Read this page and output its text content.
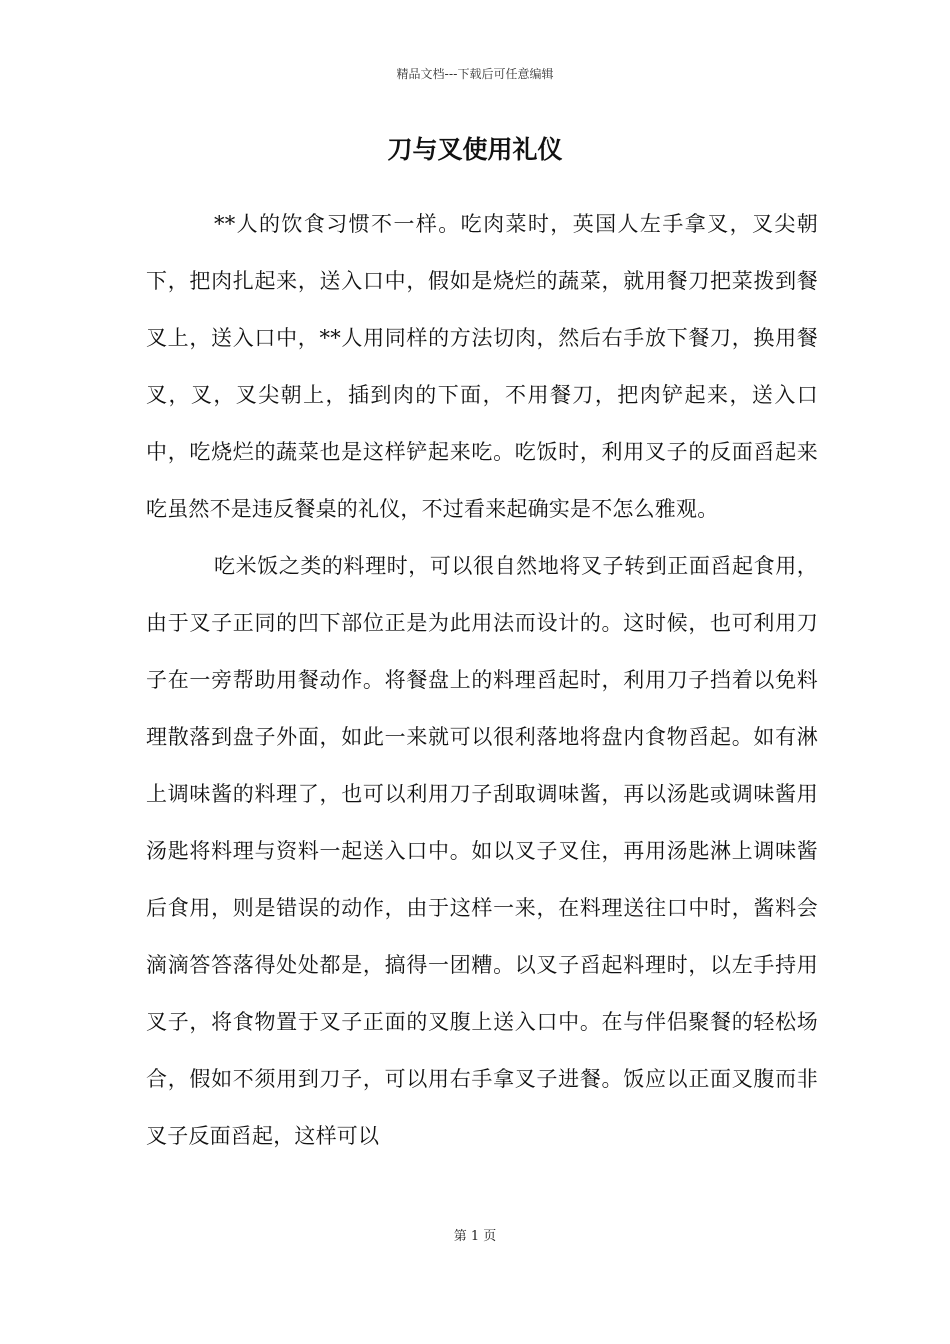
精品文档---下载后可任意编辑
刀与叉使用礼仪

**人的饮食习惯不一样。吃肉菜时，英国人左手拿叉，叉尖朝下，把肉扎起来，送入口中，假如是烧烂的蔬菜，就用餐刀把菜拨到餐叉上，送入口中，**人用同样的方法切肉，然后右手放下餐刀，换用餐叉，叉，叉尖朝上，插到肉的下面，不用餐刀，把肉铲起来，送入口中，吃烧烂的蔬菜也是这样铲起来吃。吃饭时，利用叉子的反面舀起来吃虽然不是违反餐桌的礼仪，不过看来起确实是不怎么雅观。

吃米饭之类的料理时，可以很自然地将叉子转到正面舀起食用，由于叉子正同的凹下部位正是为此用法而设计的。这时候，也可利用刀子在一旁帮助用餐动作。将餐盘上的料理舀起时，利用刀子挡着以免料理散落到盘子外面，如此一来就可以很利落地将盘内食物舀起。如有淋上调味酱的料理了，也可以利用刀子刮取调味酱，再以汤匙或调味酱用汤匙将料理与资料一起送入口中。如以叉子叉住，再用汤匙淋上调味酱后食用，则是错误的动作，由于这样一来，在料理送往口中时，酱料会滴滴答答落得处处都是，搞得一团糟。以叉子舀起料理时，以左手持用叉子，将食物置于叉子正面的叉腹上送入口中。在与伴侣聚餐的轻松场合，假如不须用到刀子，可以用右手拿叉子进餐。饭应以正面叉腹而非叉子反面舀起，这样可以

第 1 页
